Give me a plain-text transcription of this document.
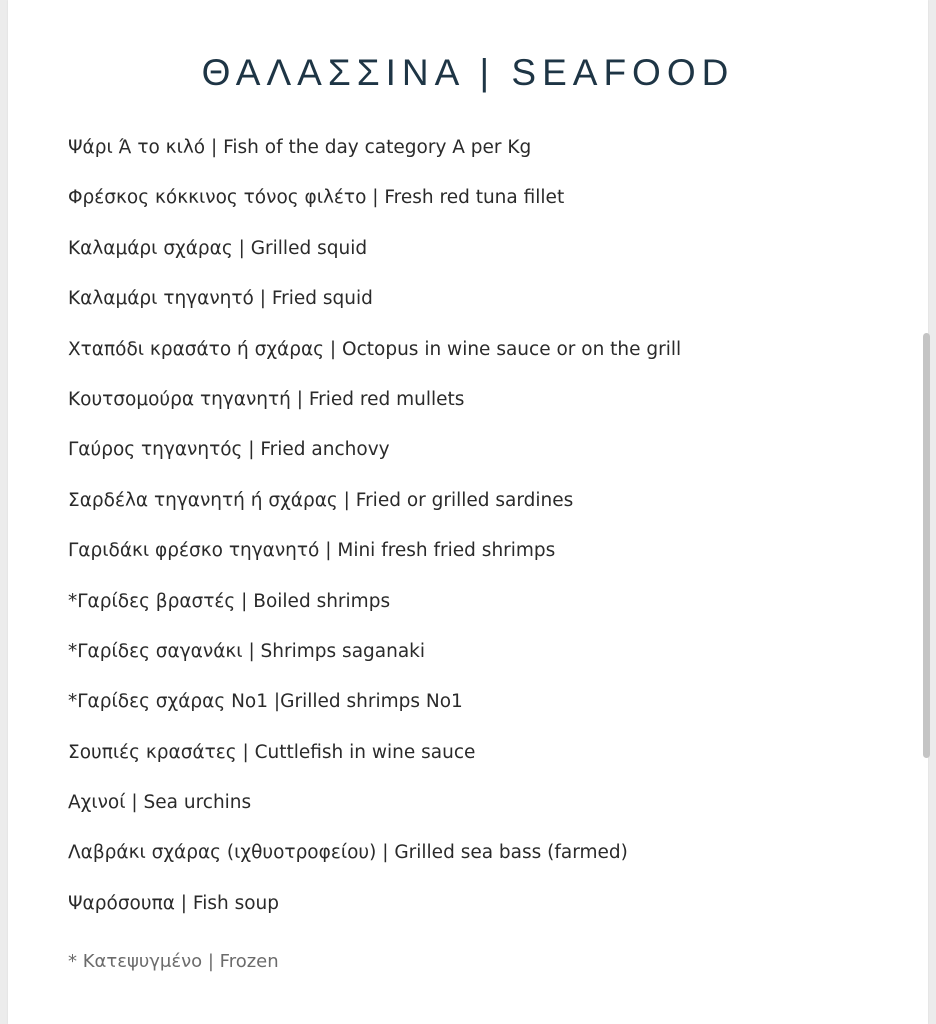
ΘΑΛΑΣΣΙΝΑ | SEAFOOD
Ψάρι Ά το κιλό | Fish of the day category A per Kg
Φρέσκος κόκκινος τόνος φιλέτο | Fresh red tuna fillet
Καλαμάρι σχάρας | Grilled squid
Καλαμάρι τηγανητό | Fried squid
Χταπόδι κρασάτο ή σχάρας | Octopus in wine sauce or on the grill
Κουτσομούρα τηγανητή | Fried red mullets
Γαύρος τηγανητός | Fried anchovy
Σαρδέλα τηγανητή ή σχάρας | Fried or grilled sardines
Γαριδάκι φρέσκο τηγανητό | Mini fresh fried shrimps
*Γαρίδες βραστές | Boiled shrimps
*Γαρίδες σαγανάκι | Shrimps saganaki
*Γαρίδες σχάρας Νο1 |Grilled shrimps No1
Σουπιές κρασάτες | Cuttlefish in wine sauce
Αχινοί | Sea urchins
Λαβράκι σχάρας (ιχθυοτροφείου) | Grilled sea bass (farmed)
Ψαρόσουπα | Fish soup
* Κατεψυγμένο | Frozen
